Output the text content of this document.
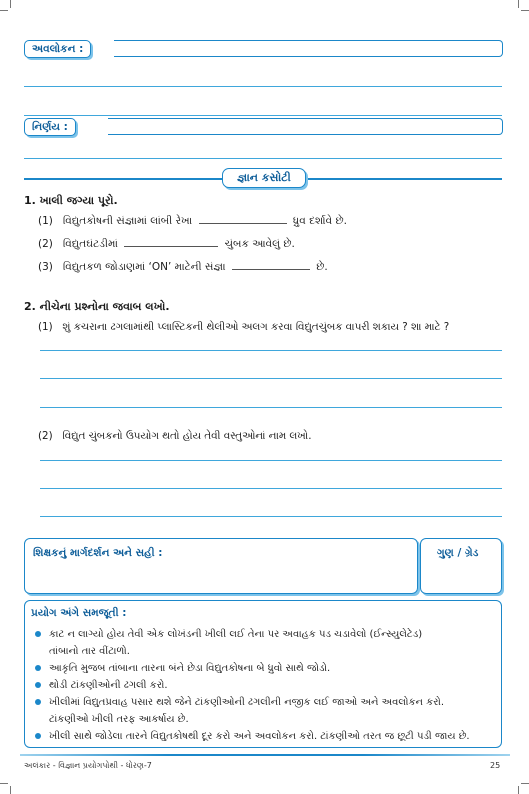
અવલોકન :
નિર્ણય :
જ્ઞાન કસોટી
1. ખાલી જગ્યા પૂરો.
(1) વિદ્યુતકોષની સંજ્ઞામાં લાંબી રેખા	ધ્રુવ દર્શાવે છે.
(2) વિદ્યુતઘંટડીમાં	ચુંબક આવેલું છે.
(3) વિદ્યુતકળ જોડાણમાં ‘ON’ માટેની સંજ્ઞા	છે.
2. નીચેના પ્રશ્નોના જવાબ લખો.
(1) શું કચરાના ઢગલામાંથી પ્લાસ્ટિકની થેલીઓ અલગ કરવા વિદ્યુતચુંબક વાપરી શકાય ? શા માટે ?
(2) વિદ્યુત ચુંબકનો ઉપયોગ થતો હોય તેવી વસ્તુઓનાં નામ લખો.
શિક્ષકનું માર્ગદર્શન અને સહી :	ગુણ / ગ્રેડ
પ્રયોગ અંગે સમજૂતી :
કાટ ન લાગ્યો હોય તેવી એક લોખંડની ખીલી લઈ તેના પર અવાહક પડ ચડાવેલો (ઈન્સ્યુલેટેડ)
તાંબાનો તાર વીંટાળો.
આકૃતિ મુજબ તાંબાના તારના બંને છેડા વિદ્યુતકોષના બે ધ્રુવો સાથે જોડો.
થોડી ટાંકણીઓની ઢગલી કરો.
ખીલીમાં વિદ્યુતપ્રવાહ પસાર થશે જેને ટાંકણીઓની ઢગલીની નજીક લઈ જાઓ અને અવલોકન કરો.
ટાંકણીઓ ખીલી તરફ આકર્ષાય છે.
ખીલી સાથે જોડેલા તારને વિદ્યુતકોષથી દૂર કરો અને અવલોકન કરો. ટાંકણીઓ તરત જ છૂટી પડી જાય છે.
અલંકાર - વિજ્ઞાન પ્રયોગપોથી - ધોરણ-7	25
